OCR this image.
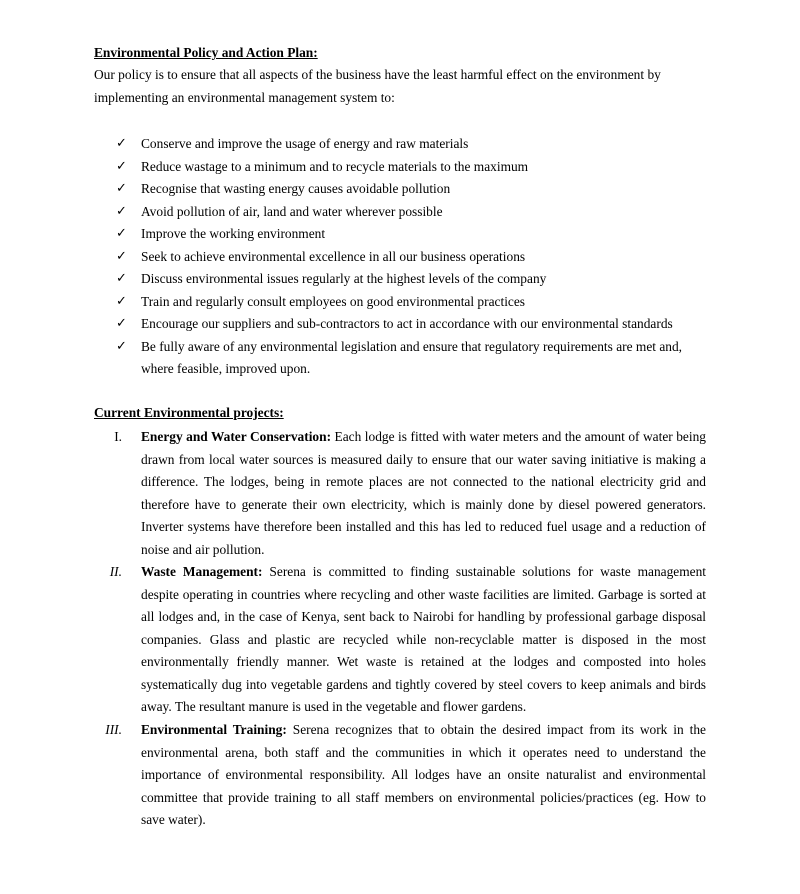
Environmental Policy and Action Plan:
Our policy is to ensure that all aspects of the business have the least harmful effect on the environment by implementing an environmental management system to:
✓ Conserve and improve the usage of energy and raw materials
✓ Reduce wastage to a minimum and to recycle materials to the maximum
✓ Recognise that wasting energy causes avoidable pollution
✓ Avoid pollution of air, land and water wherever possible
✓ Improve the working environment
✓ Seek to achieve environmental excellence in all our business operations
✓ Discuss environmental issues regularly at the highest levels of the company
✓ Train and regularly consult employees on good environmental practices
✓ Encourage our suppliers and sub-contractors to act in accordance with our environmental standards
✓ Be fully aware of any environmental legislation and ensure that regulatory requirements are met and, where feasible, improved upon.
Current Environmental projects:
I. Energy and Water Conservation: Each lodge is fitted with water meters and the amount of water being drawn from local water sources is measured daily to ensure that our water saving initiative is making a difference. The lodges, being in remote places are not connected to the national electricity grid and therefore have to generate their own electricity, which is mainly done by diesel powered generators. Inverter systems have therefore been installed and this has led to reduced fuel usage and a reduction of noise and air pollution.
II. Waste Management: Serena is committed to finding sustainable solutions for waste management despite operating in countries where recycling and other waste facilities are limited. Garbage is sorted at all lodges and, in the case of Kenya, sent back to Nairobi for handling by professional garbage disposal companies. Glass and plastic are recycled while non-recyclable matter is disposed in the most environmentally friendly manner. Wet waste is retained at the lodges and composted into holes systematically dug into vegetable gardens and tightly covered by steel covers to keep animals and birds away. The resultant manure is used in the vegetable and flower gardens.
III. Environmental Training: Serena recognizes that to obtain the desired impact from its work in the environmental arena, both staff and the communities in which it operates need to understand the importance of environmental responsibility. All lodges have an onsite naturalist and environmental committee that provide training to all staff members on environmental policies/practices (eg. How to save water).
